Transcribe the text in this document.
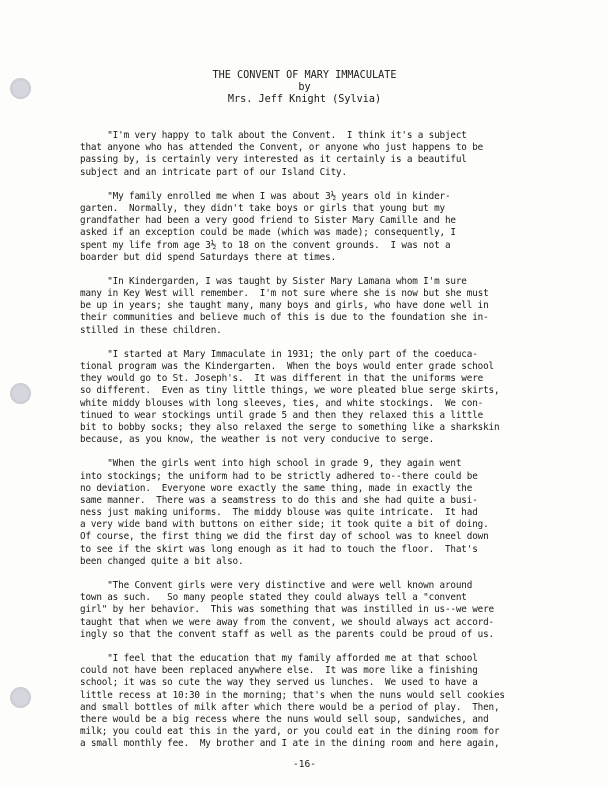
THE CONVENT OF MARY IMMACULATE
by
Mrs. Jeff Knight (Sylvia)
"I'm very happy to talk about the Convent.  I think it's a subject
that anyone who has attended the Convent, or anyone who just happens to be
passing by, is certainly very interested as it certainly is a beautiful
subject and an intricate part of our Island City.
"My family enrolled me when I was about 3½ years old in kinder-
garten.  Normally, they didn't take boys or girls that young but my
grandfather had been a very good friend to Sister Mary Camille and he
asked if an exception could be made (which was made); consequently, I
spent my life from age 3½ to 18 on the convent grounds.  I was not a
boarder but did spend Saturdays there at times.
"In Kindergarden, I was taught by Sister Mary Lamana whom I'm sure
many in Key West will remember.  I'm not sure where she is now but she must
be up in years; she taught many, many boys and girls, who have done well in
their communities and believe much of this is due to the foundation she in-
stilled in these children.
"I started at Mary Immaculate in 1931; the only part of the coeduca-
tional program was the Kindergarten.  When the boys would enter grade school
they would go to St. Joseph's.  It was different in that the uniforms were
so different.  Even as tiny little things, we wore pleated blue serge skirts,
white middy blouses with long sleeves, ties, and white stockings.  We con-
tinued to wear stockings until grade 5 and then they relaxed this a little
bit to bobby socks; they also relaxed the serge to something like a sharkskin
because, as you know, the weather is not very conducive to serge.
"When the girls went into high school in grade 9, they again went
into stockings; the uniform had to be strictly adhered to--there could be
no deviation.  Everyone wore exactly the same thing, made in exactly the
same manner.  There was a seamstress to do this and she had quite a busi-
ness just making uniforms.  The middy blouse was quite intricate.  It had
a very wide band with buttons on either side; it took quite a bit of doing.
Of course, the first thing we did the first day of school was to kneel down
to see if the skirt was long enough as it had to touch the floor.  That's
been changed quite a bit also.
"The Convent girls were very distinctive and were well known around
town as such.   So many people stated they could always tell a "convent
girl" by her behavior.  This was something that was instilled in us--we were
taught that when we were away from the convent, we should always act accord-
ingly so that the convent staff as well as the parents could be proud of us.
"I feel that the education that my family afforded me at that school
could not have been replaced anywhere else.  It was more like a finishing
school; it was so cute the way they served us lunches.  We used to have a
little recess at 10:30 in the morning; that's when the nuns would sell cookies
and small bottles of milk after which there would be a period of play.  Then,
there would be a big recess where the nuns would sell soup, sandwiches, and
milk; you could eat this in the yard, or you could eat in the dining room for
a small monthly fee.  My brother and I ate in the dining room and here again,
-16-
